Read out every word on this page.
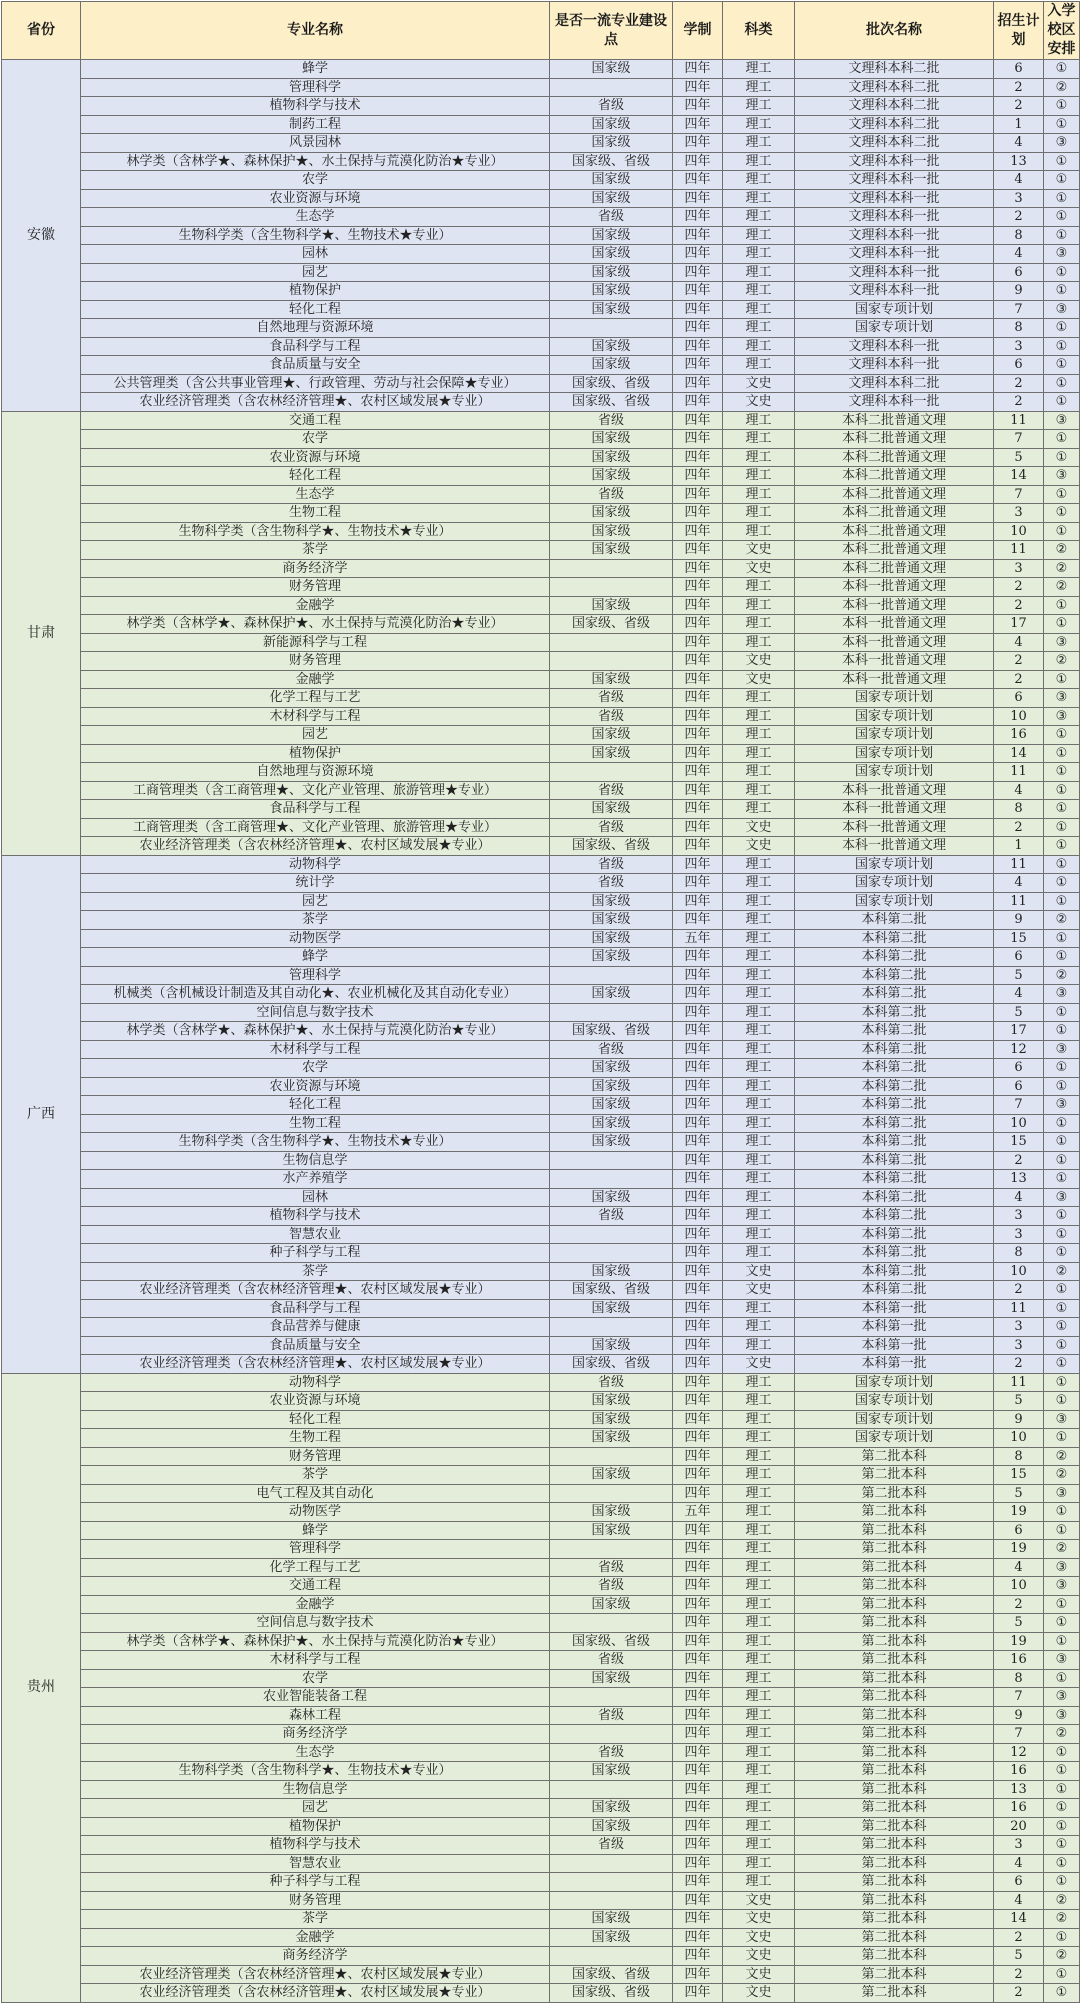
省份	专业名称	是否一流专业建设点	学制	科类	批次名称	招生计划	入学校区安排
安徽	蜂学	国家级	四年	理工	文理科本科二批	6	①
	管理科学		四年	理工	文理科本科二批	2	②
	植物科学与技术	省级	四年	理工	文理科本科二批	2	①
	制药工程	国家级	四年	理工	文理科本科二批	1	①
	风景园林	国家级	四年	理工	文理科本科二批	4	③
	林学类（含林学★、森林保护★、水土保持与荒漠化防治★专业）	国家级、省级	四年	理工	文理科本科一批	13	①
	农学	国家级	四年	理工	文理科本科一批	4	①
	农业资源与环境	国家级	四年	理工	文理科本科一批	3	①
	生态学	省级	四年	理工	文理科本科一批	2	①
	生物科学类（含生物科学★、生物技术★专业）	国家级	四年	理工	文理科本科一批	8	①
	园林	国家级	四年	理工	文理科本科一批	4	③
	园艺	国家级	四年	理工	文理科本科一批	6	①
	植物保护	国家级	四年	理工	文理科本科一批	9	①
	轻化工程	国家级	四年	理工	国家专项计划	7	③
	自然地理与资源环境		四年	理工	国家专项计划	8	①
	食品科学与工程	国家级	四年	理工	文理科本科一批	3	①
	食品质量与安全	国家级	四年	理工	文理科本科一批	6	①
	公共管理类（含公共事业管理★、行政管理、劳动与社会保障★专业）	国家级、省级	四年	文史	文理科本科二批	2	①
	农业经济管理类（含农林经济管理★、农村区域发展★专业）	国家级、省级	四年	文史	文理科本科一批	2	①
甘肃	交通工程	省级	四年	理工	本科二批普通文理	11	③
	农学	国家级	四年	理工	本科二批普通文理	7	①
	农业资源与环境	国家级	四年	理工	本科二批普通文理	5	①
	轻化工程	国家级	四年	理工	本科二批普通文理	14	③
	生态学	省级	四年	理工	本科二批普通文理	7	①
	生物工程	国家级	四年	理工	本科二批普通文理	3	①
	生物科学类（含生物科学★、生物技术★专业）	国家级	四年	理工	本科二批普通文理	10	①
	茶学	国家级	四年	文史	本科二批普通文理	11	②
	商务经济学		四年	文史	本科二批普通文理	3	②
	财务管理		四年	理工	本科一批普通文理	2	②
	金融学	国家级	四年	理工	本科一批普通文理	2	①
	林学类（含林学★、森林保护★、水土保持与荒漠化防治★专业）	国家级、省级	四年	理工	本科一批普通文理	17	①
	新能源科学与工程		四年	理工	本科一批普通文理	4	③
	财务管理		四年	文史	本科一批普通文理	2	②
	金融学	国家级	四年	文史	本科一批普通文理	2	①
	化学工程与工艺	省级	四年	理工	国家专项计划	6	③
	木材科学与工程	省级	四年	理工	国家专项计划	10	③
	园艺	国家级	四年	理工	国家专项计划	16	①
	植物保护	国家级	四年	理工	国家专项计划	14	①
	自然地理与资源环境		四年	理工	国家专项计划	11	①
	工商管理类（含工商管理★、文化产业管理、旅游管理★专业）	省级	四年	理工	本科一批普通文理	4	①
	食品科学与工程	国家级	四年	理工	本科一批普通文理	8	①
	工商管理类（含工商管理★、文化产业管理、旅游管理★专业）	省级	四年	文史	本科一批普通文理	2	①
	农业经济管理类（含农林经济管理★、农村区域发展★专业）	国家级、省级	四年	文史	本科一批普通文理	1	①
广西	动物科学	省级	四年	理工	国家专项计划	11	①
	统计学	省级	四年	理工	国家专项计划	4	①
	园艺	国家级	四年	理工	国家专项计划	11	①
	茶学	国家级	四年	理工	本科第二批	9	②
	动物医学	国家级	五年	理工	本科第二批	15	①
	蜂学	国家级	四年	理工	本科第二批	6	①
	管理科学		四年	理工	本科第二批	5	②
	机械类（含机械设计制造及其自动化★、农业机械化及其自动化专业）	国家级	四年	理工	本科第二批	4	③
	空间信息与数字技术		四年	理工	本科第二批	5	①
	林学类（含林学★、森林保护★、水土保持与荒漠化防治★专业）	国家级、省级	四年	理工	本科第二批	17	①
	木材科学与工程	省级	四年	理工	本科第二批	12	③
	农学	国家级	四年	理工	本科第二批	6	①
	农业资源与环境	国家级	四年	理工	本科第二批	6	①
	轻化工程	国家级	四年	理工	本科第二批	7	③
	生物工程	国家级	四年	理工	本科第二批	10	①
	生物科学类（含生物科学★、生物技术★专业）	国家级	四年	理工	本科第二批	15	①
	生物信息学		四年	理工	本科第二批	2	①
	水产养殖学		四年	理工	本科第二批	13	①
	园林	国家级	四年	理工	本科第二批	4	③
	植物科学与技术	省级	四年	理工	本科第二批	3	①
	智慧农业		四年	理工	本科第二批	3	①
	种子科学与工程		四年	理工	本科第二批	8	①
	茶学	国家级	四年	文史	本科第二批	10	②
	农业经济管理类（含农林经济管理★、农村区域发展★专业）	国家级、省级	四年	文史	本科第二批	2	①
	食品科学与工程	国家级	四年	理工	本科第一批	11	①
	食品营养与健康		四年	理工	本科第一批	3	①
	食品质量与安全	国家级	四年	理工	本科第一批	3	①
	农业经济管理类（含农林经济管理★、农村区域发展★专业）	国家级、省级	四年	文史	本科第一批	2	①
贵州	动物科学	省级	四年	理工	国家专项计划	11	①
	农业资源与环境	国家级	四年	理工	国家专项计划	5	①
	轻化工程	国家级	四年	理工	国家专项计划	9	③
	生物工程	国家级	四年	理工	国家专项计划	10	①
	财务管理		四年	理工	第二批本科	8	②
	茶学	国家级	四年	理工	第二批本科	15	②
	电气工程及其自动化		四年	理工	第二批本科	5	③
	动物医学	国家级	五年	理工	第二批本科	19	①
	蜂学	国家级	四年	理工	第二批本科	6	①
	管理科学		四年	理工	第二批本科	19	②
	化学工程与工艺	省级	四年	理工	第二批本科	4	③
	交通工程	省级	四年	理工	第二批本科	10	③
	金融学	国家级	四年	理工	第二批本科	2	①
	空间信息与数字技术		四年	理工	第二批本科	5	①
	林学类（含林学★、森林保护★、水土保持与荒漠化防治★专业）	国家级、省级	四年	理工	第二批本科	19	①
	木材科学与工程	省级	四年	理工	第二批本科	16	③
	农学	国家级	四年	理工	第二批本科	8	①
	农业智能装备工程		四年	理工	第二批本科	7	③
	森林工程	省级	四年	理工	第二批本科	9	③
	商务经济学		四年	理工	第二批本科	7	②
	生态学	省级	四年	理工	第二批本科	12	①
	生物科学类（含生物科学★、生物技术★专业）	国家级	四年	理工	第二批本科	16	①
	生物信息学		四年	理工	第二批本科	13	①
	园艺	国家级	四年	理工	第二批本科	16	①
	植物保护	国家级	四年	理工	第二批本科	20	①
	植物科学与技术	省级	四年	理工	第二批本科	3	①
	智慧农业		四年	理工	第二批本科	4	①
	种子科学与工程		四年	理工	第二批本科	6	①
	财务管理		四年	文史	第二批本科	4	②
	茶学	国家级	四年	文史	第二批本科	14	②
	金融学	国家级	四年	文史	第二批本科	2	①
	商务经济学		四年	文史	第二批本科	5	②
	农业经济管理类（含农林经济管理★、农村区域发展★专业）	国家级、省级	四年	文史	第二批本科	2	①
	农业经济管理类（含农林经济管理★、农村区域发展★专业）	国家级、省级	四年	文史	第二批本科	2	①
